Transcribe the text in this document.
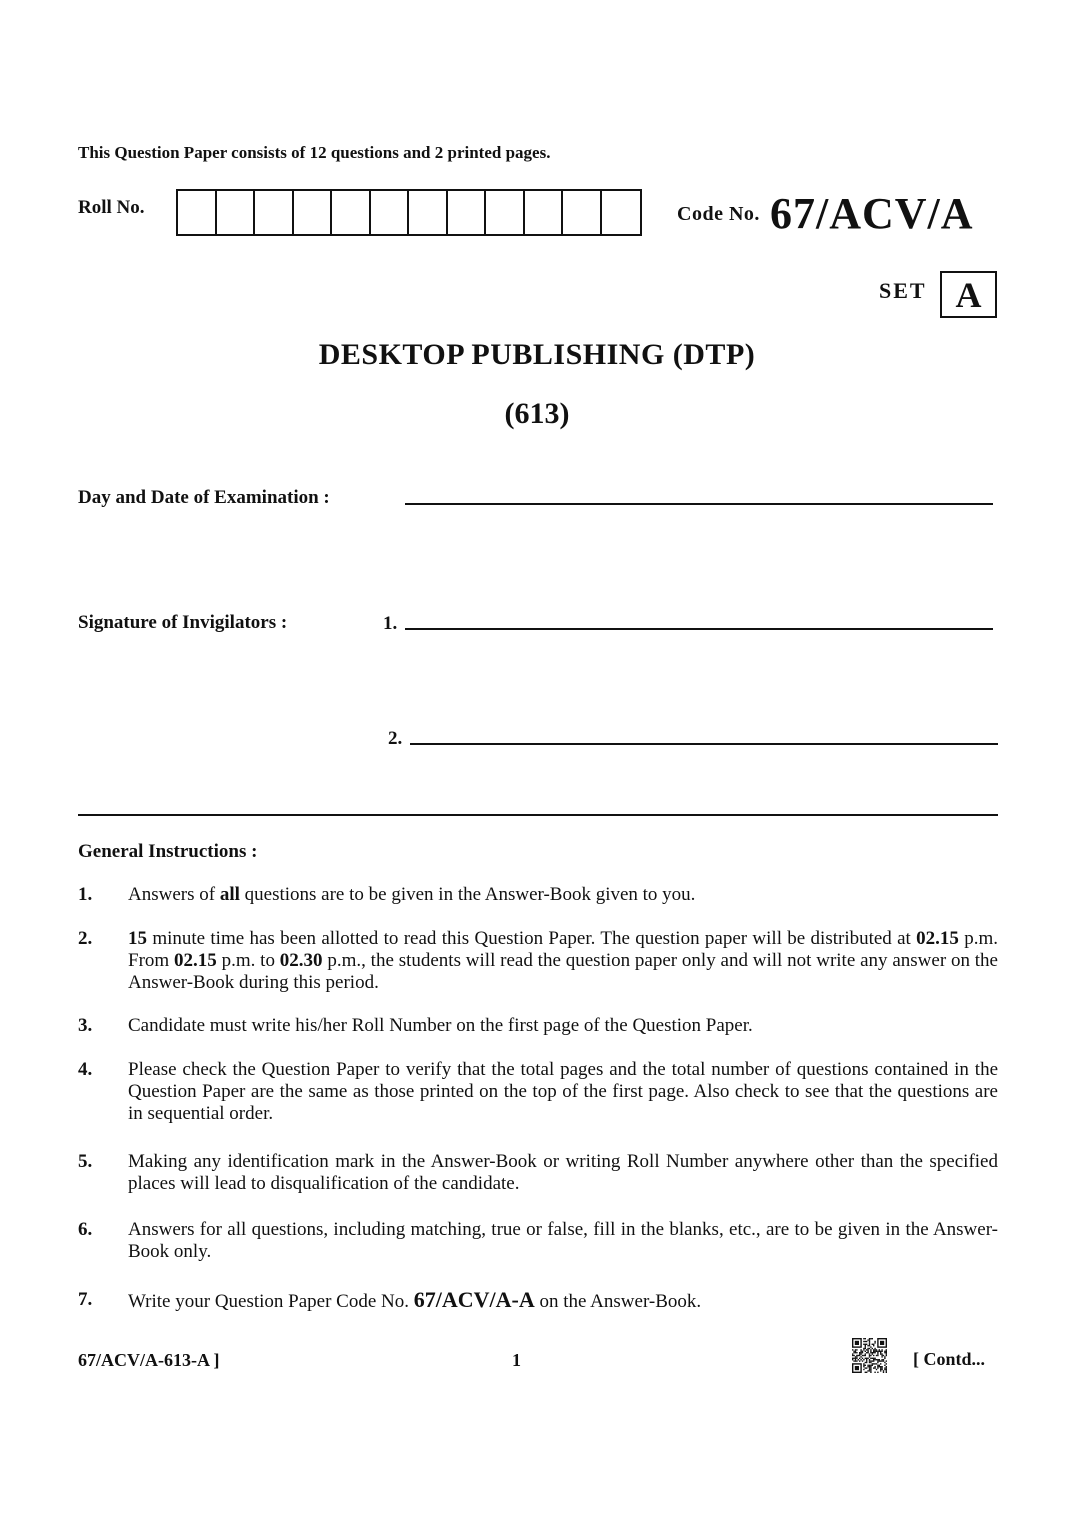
This Question Paper consists of 12 questions and 2 printed pages.
Roll No.	Code No. 67/ACV/A
SET A
DESKTOP PUBLISHING (DTP)
(613)
Day and Date of Examination :
Signature of Invigilators :	1.
2.
General Instructions :
1.	Answers of all questions are to be given in the Answer-Book given to you.
2.	15 minute time has been allotted to read this Question Paper. The question paper will be distributed at 02.15 p.m. From 02.15 p.m. to 02.30 p.m., the students will read the question paper only and will not write any answer on the Answer-Book during this period.
3.	Candidate must write his/her Roll Number on the first page of the Question Paper.
4.	Please check the Question Paper to verify that the total pages and the total number of questions contained in the Question Paper are the same as those printed on the top of the first page. Also check to see that the questions are in sequential order.
5.	Making any identification mark in the Answer-Book or writing Roll Number anywhere other than the specified places will lead to disqualification of the candidate.
6.	Answers for all questions, including matching, true or false, fill in the blanks, etc., are to be given in the Answer-Book only.
7.	Write your Question Paper Code No. 67/ACV/A-A on the Answer-Book.
67/ACV/A-613-A ]	1	[ Contd...
